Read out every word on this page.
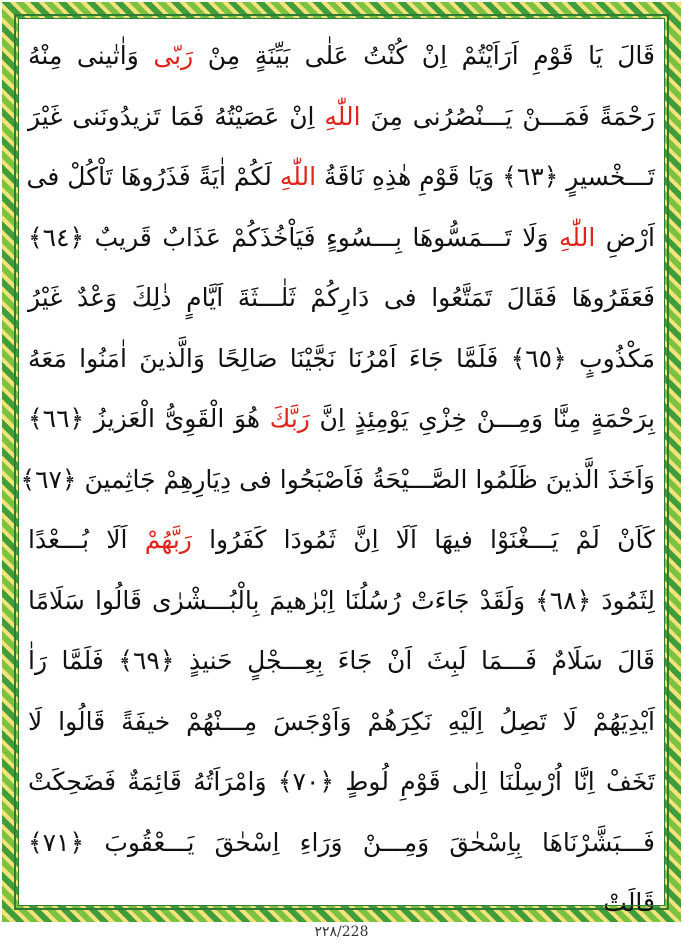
قَالَ يَا قَوْمِ اَرَاَيْتُمْ اِنْ كُنْتُ عَلٰى بَيِّنَةٍ مِنْ رَبّى وَاٰتٰينى مِنْهُ
رَحْمَةً فَمَـــنْ يَـــنْصُرُنى مِنَ اللّٰهِ اِنْ عَصَيْتُهُ فَمَا تَزيدُونَنى غَيْرَ
تَـــخْسيرٍ ﴿٦٣﴾ وَيَا قَوْمِ هٰذِهِ نَاقَةُ اللّٰهِ لَكُمْ اٰيَةً فَذَرُوهَا تَاْكُلْ فى
اَرْضِ اللّٰهِ وَلَا تَـــمَسُّوهَا بِـــسُوءٍ فَيَاْخُذَكُمْ عَذَابٌ قَريبٌ ﴿٦٤﴾
فَعَقَرُوهَا فَقَالَ تَمَتَّعُوا فى دَارِكُمْ ثَلٰـــثَةَ اَيَّامٍ ذٰلِكَ وَعْدٌ غَيْرُ
مَكْذُوبٍ ﴿٦٥﴾ فَلَمَّا جَاءَ اَمْرُنَا نَجَّيْنَا صَالِحًا وَالَّذينَ اٰمَنُوا مَعَهُ
بِرَحْمَةٍ مِنَّا وَمِـــنْ خِزْىِ يَوْمِئِذٍ اِنَّ رَبَّكَ هُوَ الْقَوِىُّ الْعَزيزُ ﴿٦٦﴾
وَاَخَذَ الَّذينَ ظَلَمُوا الصَّـــيْحَةُ فَاَصْبَحُوا فى دِيَارِهِمْ جَاثِمينَ ﴿٦٧﴾
كَاَنْ لَمْ يَـــغْنَوْا فيهَا اَلَا اِنَّ ثَمُودَا كَفَرُوا رَبَّهُمْ اَلَا بُـــعْدًا
لِثَمُودَ ﴿٦٨﴾ وَلَقَدْ جَاءَتْ رُسُلُنَا اِبْرٰهيمَ بِالْبُـــشْرٰى قَالُوا سَلَامًا
قَالَ سَلَامٌ فَـــمَا لَبِثَ اَنْ جَاءَ بِعِـــجْلٍ حَنيذٍ ﴿٦٩﴾ فَلَمَّا رَاٰ
اَيْدِيَهُمْ لَا تَصِلُ اِلَيْهِ نَكِرَهُمْ وَاَوْجَسَ مِـــنْهُمْ خيفَةً قَالُوا لَا
تَخَفْ اِنَّا اُرْسِلْنَا اِلٰى قَوْمِ لُوطٍ ﴿٧٠﴾ وَامْرَاَتُهُ قَائِمَةٌ فَضَحِكَتْ
فَـــبَشَّرْنَاهَا بِاِسْحٰقَ وَمِـــنْ وَرَاءِ اِسْحٰقَ يَـــعْقُوبَ ﴿٧١﴾
قَالَتْ
٢٢٨/228
